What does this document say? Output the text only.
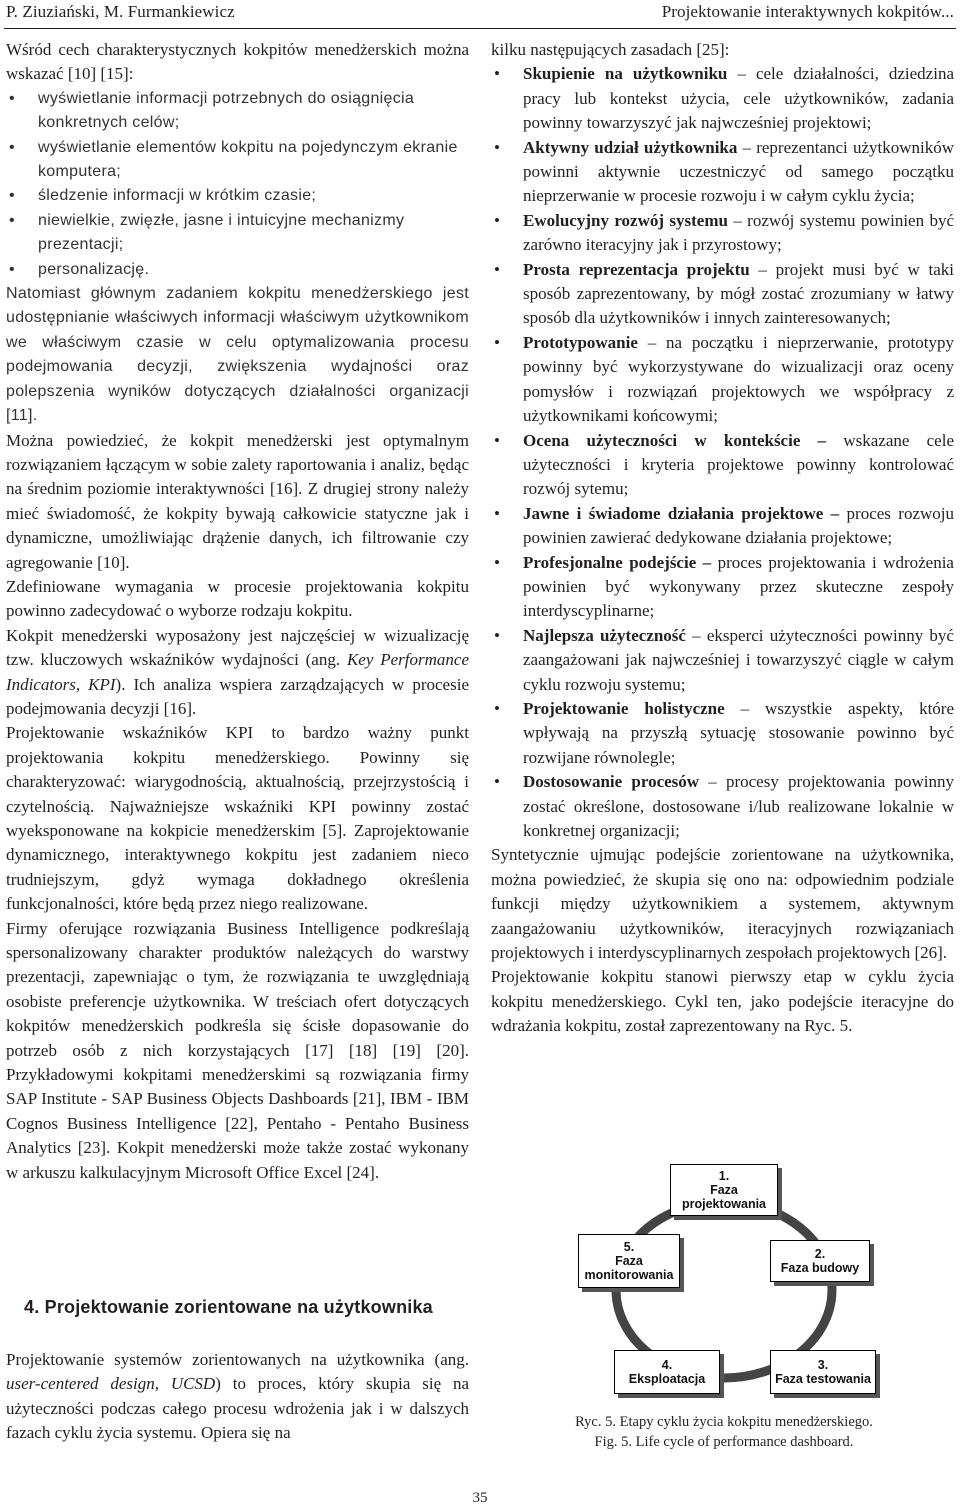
P. Ziuziański, M. Furmankiewicz	Projektowanie interaktywnych kokpitów...

Wśród cech charakterystycznych kokpitów menedżerskich można wskazać [10] [15]:

• wyświetlanie informacji potrzebnych do osiągnięcia konkretnych celów;
• wyświetlanie elementów kokpitu na pojedynczym ekranie komputera;
• śledzenie informacji w krótkim czasie;
• niewielkie, zwięzłe, jasne i intuicyjne mechanizmy prezentacji;
• personalizację.

Natomiast głównym zadaniem kokpitu menedżerskiego jest udostępnianie właściwych informacji właściwym użytkownikom we właściwym czasie w celu optymalizowania procesu podejmowania decyzji, zwiększenia wydajności oraz polepszenia wyników dotyczących działalności organizacji [11].

Można powiedzieć, że kokpit menedżerski jest optymalnym rozwiązaniem łączącym w sobie zalety raportowania i analiz, będąc na średnim poziomie interaktywności [16]. Z drugiej strony należy mieć świadomość, że kokpity bywają całkowicie statyczne jak i dynamiczne, umożliwiając drążenie danych, ich filtrowanie czy agregowanie [10].

Zdefiniowane wymagania w procesie projektowania kokpitu powinno zadecydować o wyborze rodzaju kokpitu.

Kokpit menedżerski wyposażony jest najczęściej w wizualizację tzw. kluczowych wskaźników wydajności (ang. Key Performance Indicators, KPI). Ich analiza wspiera zarządzających w procesie podejmowania decyzji [16].

Projektowanie wskaźników KPI to bardzo ważny punkt projektowania kokpitu menedżerskiego. Powinny się charakteryzować: wiarygodnością, aktualnością, przejrzystością i czytelnością. Najważniejsze wskaźniki KPI powinny zostać wyeksponowane na kokpicie menedżerskim [5]. Zaprojektowanie dynamicznego, interaktywnego kokpitu jest zadaniem nieco trudniejszym, gdyż wymaga dokładnego określenia funkcjonalności, które będą przez niego realizowane.

Firmy oferujące rozwiązania Business Intelligence podkreślają spersonalizowany charakter produktów należących do warstwy prezentacji, zapewniając o tym, że rozwiązania te uwzględniają osobiste preferencje użytkownika. W treściach ofert dotyczących kokpitów menedżerskich podkreśla się ścisłe dopasowanie do potrzeb osób z nich korzystających [17] [18] [19] [20]. Przykładowymi kokpitami menedżerskimi są rozwiązania firmy SAP Institute - SAP Business Objects Dashboards [21], IBM - IBM Cognos Business Intelligence [22], Pentaho - Pentaho Business Analytics [23]. Kokpit menedżerski może także zostać wykonany w arkuszu kalkulacyjnym Microsoft Office Excel [24].

4. Projektowanie zorientowane na użytkownika
Projektowanie systemów zorientowanych na użytkownika (ang. user-centered design, UCSD) to proces, który skupia się na użyteczności podczas całego procesu wdrożenia jak i w dalszych fazach cyklu życia systemu. Opiera się na

kilku następujących zasadach [25]:

• Skupienie na użytkowniku – cele działalności, dziedzina pracy lub kontekst użycia, cele użytkowników, zadania powinny towarzyszyć jak najwcześniej projektowi;
• Aktywny udział użytkownika – reprezentanci użytkowników powinni aktywnie uczestniczyć od samego początku nieprzerwanie w procesie rozwoju i w całym cyklu życia;
• Ewolucyjny rozwój systemu – rozwój systemu powinien być zarówno iteracyjny jak i przyrostowy;
• Prosta reprezentacja projektu – projekt musi być w taki sposób zaprezentowany, by mógł zostać zrozumiany w łatwy sposób dla użytkowników i innych zainteresowanych;
• Prototypowanie – na początku i nieprzerwanie, prototypy powinny być wykorzystywane do wizualizacji oraz oceny pomysłów i rozwiązań projektowych we współpracy z użytkownikami końcowymi;
• Ocena użyteczności w kontekście – wskazane cele użyteczności i kryteria projektowe powinny kontrolować rozwój sytemu;
• Jawne i świadome działania projektowe – proces rozwoju powinien zawierać dedykowane działania projektowe;
• Profesjonalne podejście – proces projektowania i wdrożenia powinien być wykonywany przez skuteczne zespoły interdyscyplinarne;
• Najlepsza użyteczność – eksperci użyteczności powinny być zaangażowani jak najwcześniej i towarzyszyć ciągle w całym cyklu rozwoju systemu;
• Projektowanie holistyczne – wszystkie aspekty, które wpływają na przyszłą sytuację stosowanie powinno być rozwijane równolegle;
• Dostosowanie procesów – procesy projektowania powinny zostać określone, dostosowane i/lub realizowane lokalnie w konkretnej organizacji;

Syntetycznie ujmując podejście zorientowane na użytkownika, można powiedzieć, że skupia się ono na: odpowiednim podziale funkcji między użytkownikiem a systemem, aktywnym zaangażowaniu użytkowników, iteracyjnych rozwiązaniach projektowych i interdyscyplinarnych zespołach projektowych [26].

Projektowanie kokpitu stanowi pierwszy etap w cyklu życia kokpitu menedżerskiego. Cykl ten, jako podejście iteracyjne do wdrażania kokpitu, został zaprezentowany na Ryc. 5.

1.
Faza projektowania
2.
Faza budowy
3.
Faza testowania
4.
Eksploatacja
5.
Faza monitorowania
Ryc. 5. Etapy cyklu życia kokpitu menedżerskiego.
Fig. 5. Life cycle of performance dashboard.
35
